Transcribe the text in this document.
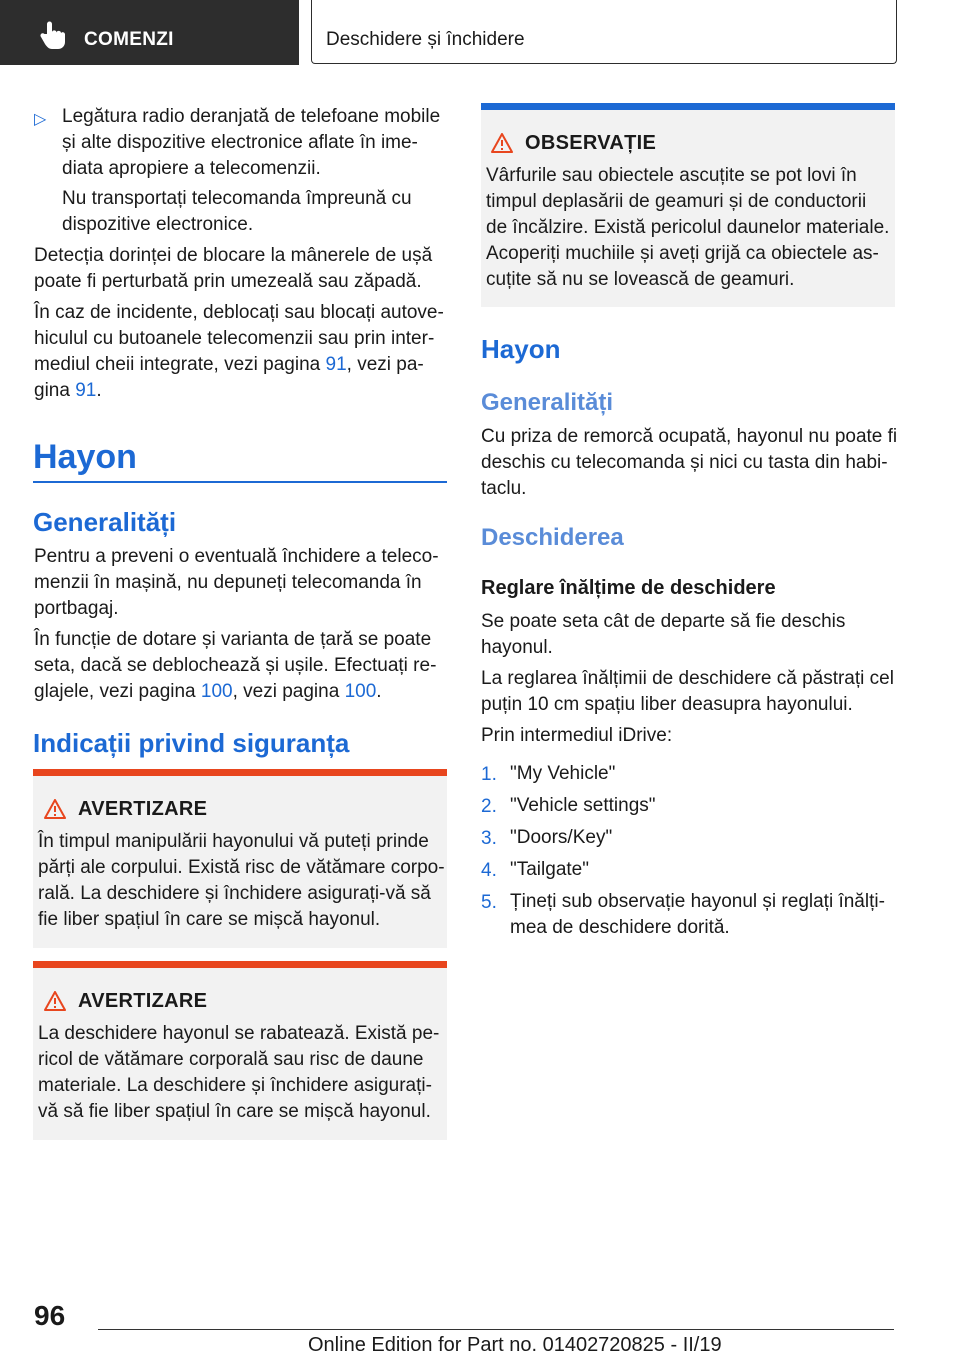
COMENZI	Deschidere și închidere
▷ Legătura radio deranjată de telefoane mobile

și alte dispozitive electronice aflate în ime‐

diata apropiere a telecomenzii.

Nu transportați telecomanda împreună cu

dispozitive electronice.

Detecția dorinței de blocare la mânerele de ușă

poate fi perturbată prin umezeală sau zăpadă.

În caz de incidente, deblocați sau blocați autove‐

hiculul cu butoanele telecomenzii sau prin inter‐

mediul cheii integrate, vezi pagina 91, vezi pa‐

gina 91.

Hayon
Generalități

Pentru a preveni o eventuală închidere a teleco‐

menzii în mașină, nu depuneți telecomanda în

portbagaj.

În funcție de dotare și varianta de țară se poate

seta, dacă se deblochează și ușile. Efectuați re‐

glajele, vezi pagina 100, vezi pagina 100.

Indicații privind siguranța
AVERTIZARE

În timpul manipulării hayonului vă puteți prinde

părți ale corpului. Există risc de vătămare corpo‐

rală. La deschidere și închidere asigurați-vă să

fie liber spațiul în care se mișcă hayonul.

AVERTIZARE

La deschidere hayonul se rabatează. Există pe‐

ricol de vătămare corporală sau risc de daune

materiale. La deschidere și închidere asigurați-

vă să fie liber spațiul în care se mișcă hayonul.

OBSERVAȚIE

Vârfurile sau obiectele ascuțite se pot lovi în

timpul deplasării de geamuri și de conductorii

de încălzire. Există pericolul daunelor materiale.

Acoperiți muchiile și aveți grijă ca obiectele as‐

cuțite să nu se lovească de geamuri.

Hayon
Generalități

Cu priza de remorcă ocupată, hayonul nu poate fi

deschis cu telecomanda și nici cu tasta din habi‐

taclu.

Deschiderea
Reglare înălțime de deschidere

Se poate seta cât de departe să fie deschis

hayonul.

La reglarea înălțimii de deschidere că păstrați cel

puțin 10 cm spațiu liber deasupra hayonului.

Prin intermediul iDrive:

1. "My Vehicle"

2. "Vehicle settings"

3. "Doors/Key"

4. "Tailgate"

5. Țineți sub observație hayonul și reglați înălți‐

mea de deschidere dorită.

96
Online Edition for Part no. 01402720825 - II/19
